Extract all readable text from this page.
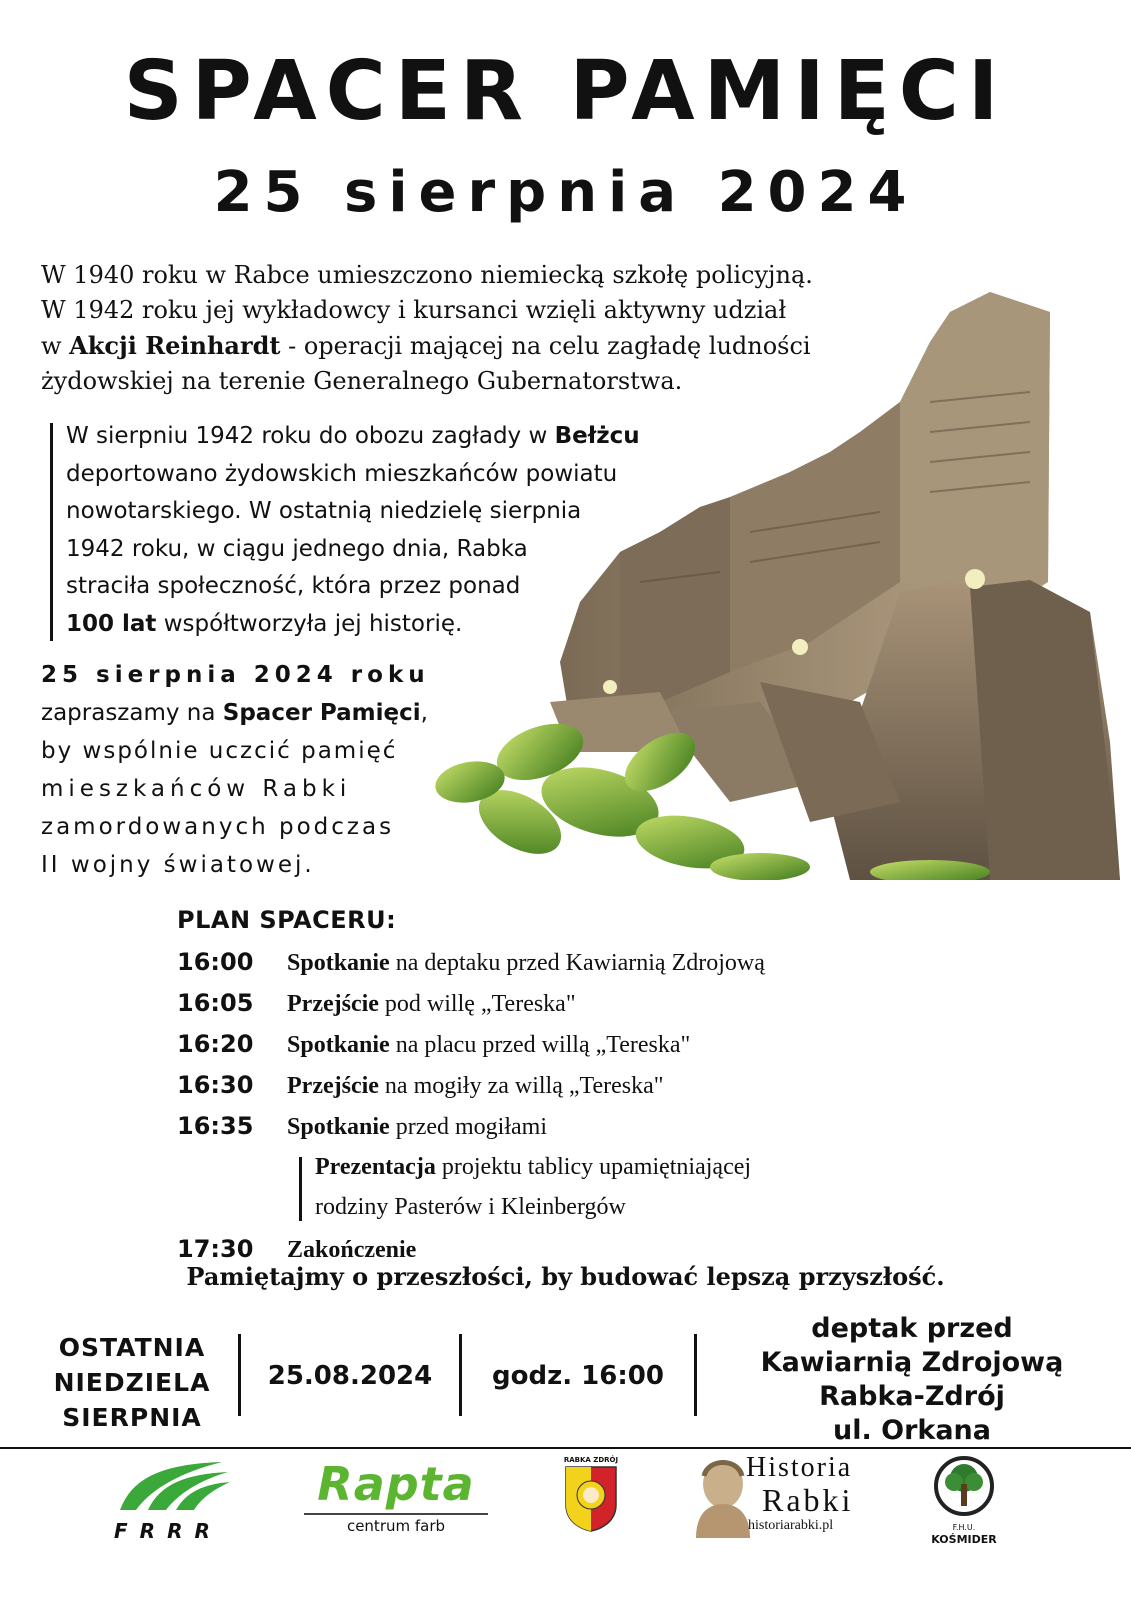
SPACER PAMIĘCI
25 sierpnia 2024
W 1940 roku w Rabce umieszczono niemiecką szkołę policyjną.
W 1942 roku jej wykładowcy i kursanci wzięli aktywny udział
w Akcji Reinhardt - operacji mającej na celu zagładę ludności
żydowskiej na terenie Generalnego Gubernatorstwa.
W sierpniu 1942 roku do obozu zagłady w Bełżcu
deportowano żydowskich mieszkańców powiatu
nowotarskiego. W ostatnią niedzielę sierpnia
1942 roku, w ciągu jednego dnia, Rabka
straciła społeczność, która przez ponad
100 lat współtworzyła jej historię.
25 sierpnia 2024 roku
zapraszamy na Spacer Pamięci,
by wspólnie uczcić pamięć
mieszkańców Rabki
zamordowanych podczas
II wojny światowej.
PLAN SPACERU:
16:00	Spotkanie na deptaku przed Kawiarnią Zdrojową
16:05	Przejście pod willę „Tereska"
16:20	Spotkanie na placu przed willą „Tereska"
16:30	Przejście na mogiły za willą „Tereska"
16:35	Spotkanie przed mogiłami
Prezentacja projektu tablicy upamiętniającej
rodziny Pasterów i Kleinbergów
17:30	Zakończenie
Pamiętajmy o przeszłości, by budować lepszą przyszłość.
OSTATNIA
NIEDZIELA
SIERPNIA
25.08.2024	godz. 16:00
deptak przed
Kawiarnią Zdrojową
Rabka-Zdrój
ul. Orkana
FRRR
Rapta
centrum farb
RABKA ZDRÓJ	Historia
Rabki
historiarabki.pl	F.H.U.
KOŚMIDER
